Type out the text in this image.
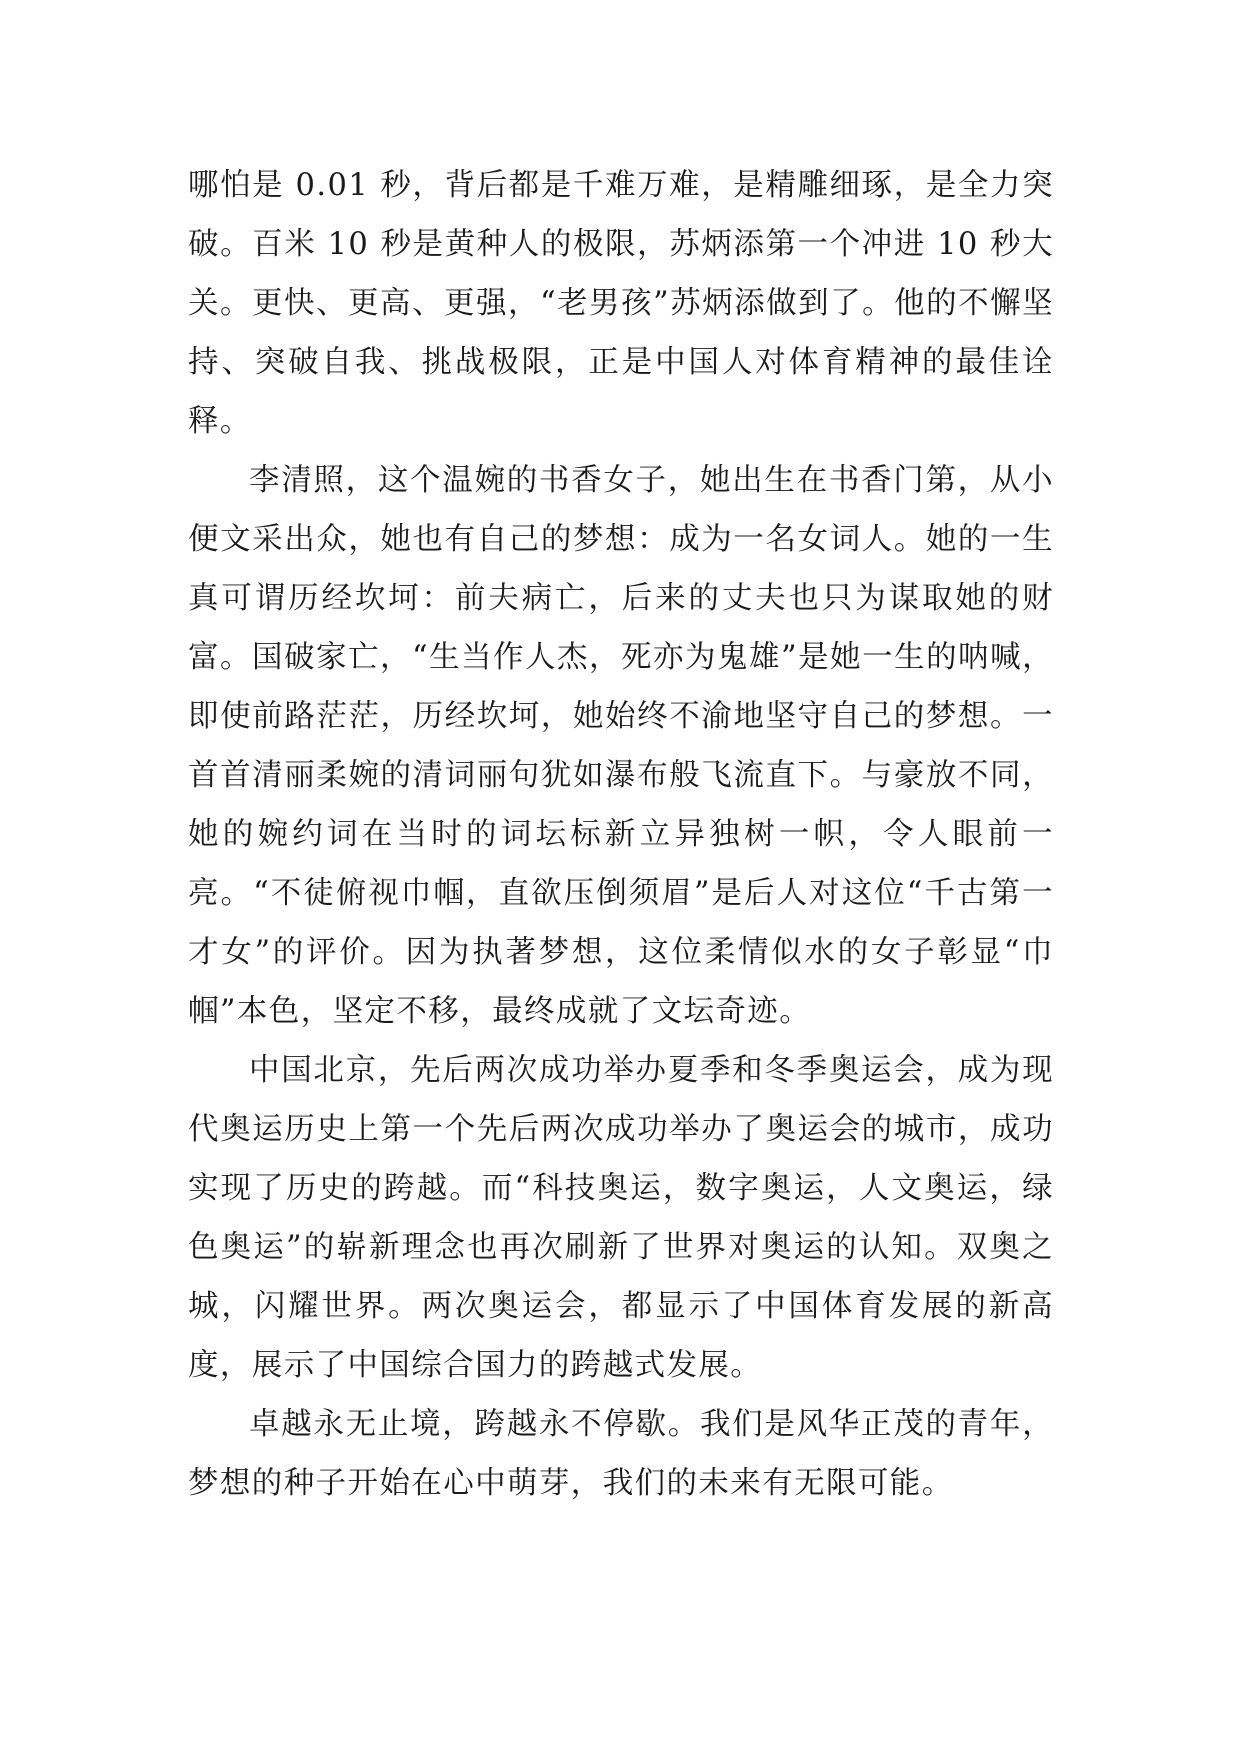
哪怕是 0.01 秒，背后都是千难万难，是精雕细琢，是全力突破。百米 10 秒是黄种人的极限，苏炳添第一个冲进 10 秒大关。更快、更高、更强，“老男孩”苏炳添做到了。他的不懈坚持、突破自我、挑战极限，正是中国人对体育精神的最佳诠释。

李清照，这个温婉的书香女子，她出生在书香门第，从小便文采出众，她也有自己的梦想：成为一名女词人。她的一生真可谓历经坎坷：前夫病亡，后来的丈夫也只为谋取她的财富。国破家亡，“生当作人杰，死亦为鬼雄”是她一生的呐喊，即使前路茫茫，历经坎坷，她始终不渝地坚守自己的梦想。一首首清丽柔婉的清词丽句犹如瀑布般飞流直下。与豪放不同，她的婉约词在当时的词坛标新立异独树一帜，令人眼前一亮。“不徒俯视巾帼，直欲压倒须眉”是后人对这位“千古第一才女”的评价。因为执著梦想，这位柔情似水的女子彰显“巾帼”本色，坚定不移，最终成就了文坛奇迹。

中国北京，先后两次成功举办夏季和冬季奥运会，成为现代奥运历史上第一个先后两次成功举办了奥运会的城市，成功实现了历史的跨越。而“科技奥运，数字奥运，人文奥运，绿色奥运”的崭新理念也再次刷新了世界对奥运的认知。双奥之城，闪耀世界。两次奥运会，都显示了中国体育发展的新高度，展示了中国综合国力的跨越式发展。

卓越永无止境，跨越永不停歇。我们是风华正茂的青年，梦想的种子开始在心中萌芽，我们的未来有无限可能。
